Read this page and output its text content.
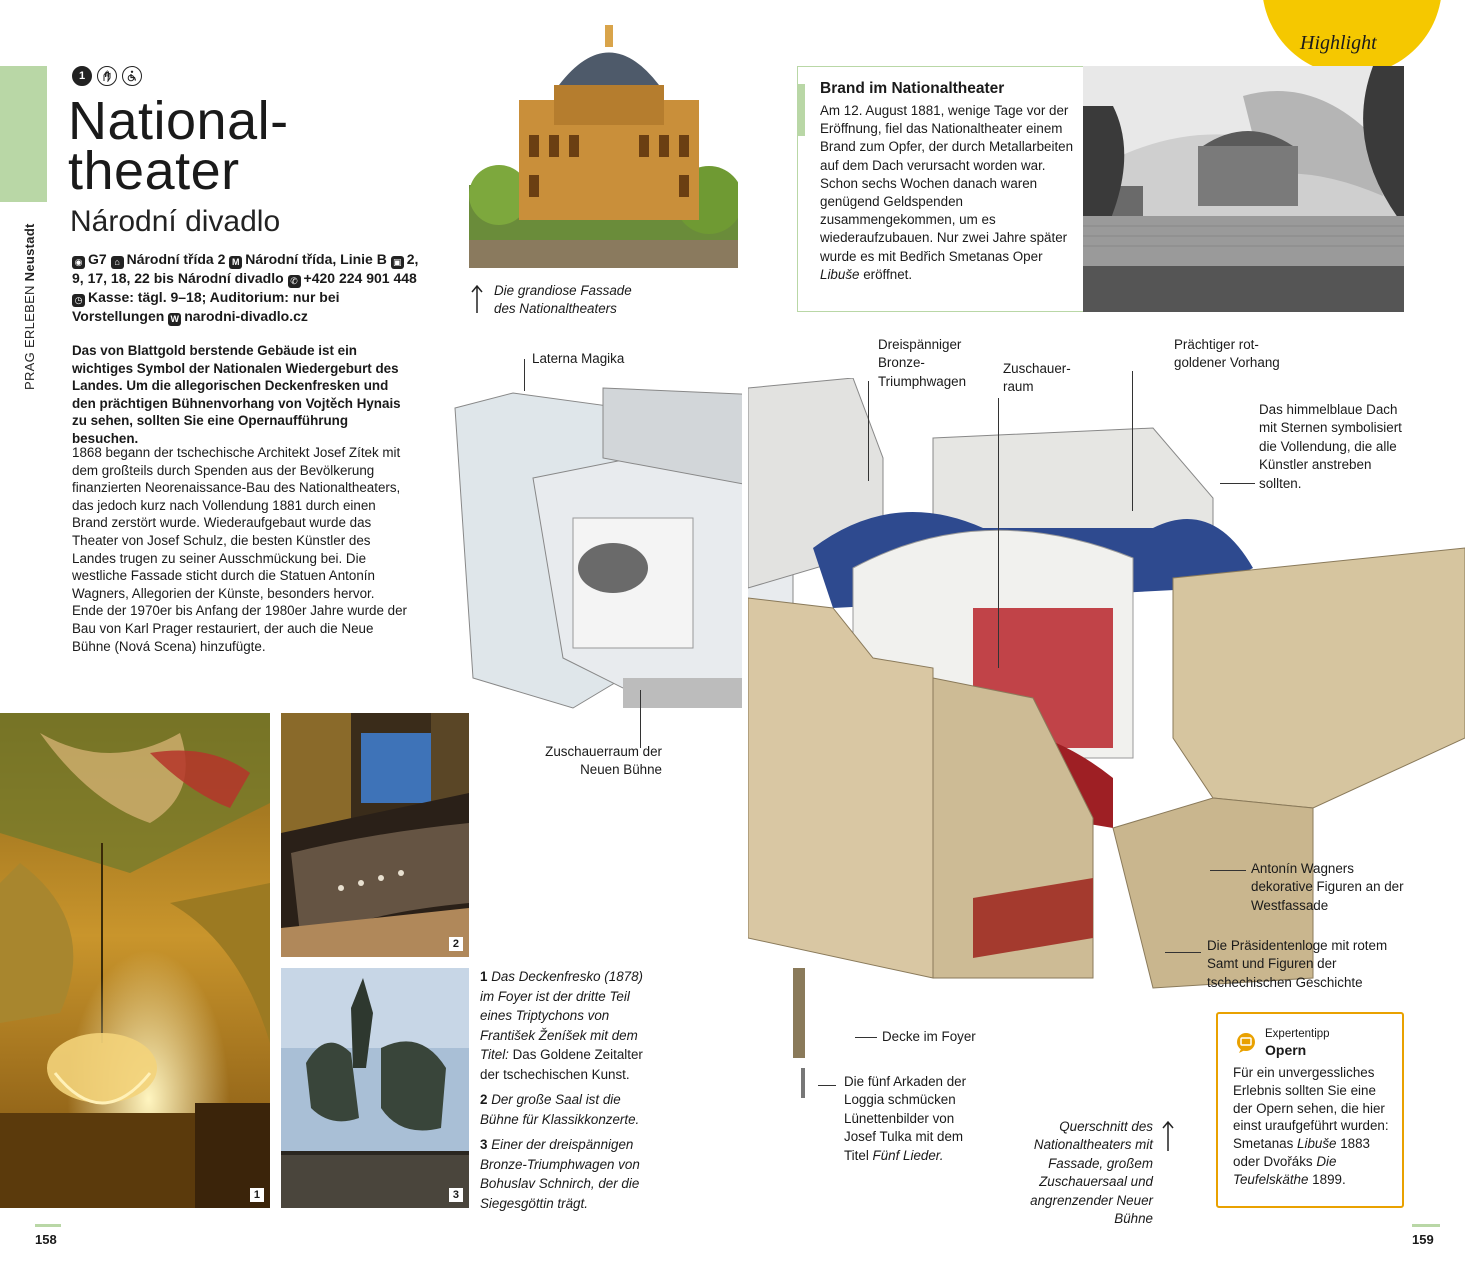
PRAG ERLEBEN Neustadt
1
National-
theater
Národní divadlo
◉ G7 ⌂ Národní třída 2 M Národní třída, Linie B ▣ 2, 9, 17, 18, 22 bis Národní divadlo ✆ +420 224 901 448 ◷ Kasse: tägl. 9–18; Auditorium: nur bei Vorstellungen W narodni-divadlo.cz
Das von Blattgold berstende Gebäude ist ein wichtiges Symbol der Nationalen Wiedergeburt des Landes. Um die allegorischen Deckenfresken und den prächtigen Bühnenvorhang von Vojtěch Hynais zu sehen, sollten Sie eine Opernaufführung besuchen.
1868 begann der tschechische Architekt Josef Zítek mit dem großteils durch Spenden aus der Bevölkerung finanzierten Neorenaissance-Bau des Nationaltheaters, das jedoch kurz nach Vollendung 1881 durch einen Brand zerstört wurde. Wiederaufgebaut wurde das Theater von Josef Schulz, die besten Künstler des Landes trugen zu seiner Ausschmückung bei. Die westliche Fassade sticht durch die Statuen Antonín Wagners, Allegorien der Künste, besonders hervor. Ende der 1970er bis Anfang der 1980er Jahre wurde der Bau von Karl Prager restauriert, der auch die Neue Bühne (Nová Scena) hinzufügte.
1
2
3
1 Das Deckenfresko (1878) im Foyer ist der dritte Teil eines Triptychons von František Ženíšek mit dem Titel: Das Goldene Zeitalter der tschechischen Kunst.
2 Der große Saal ist die Bühne für Klassikkonzerte.
3 Einer der dreispännigen Bronze-Triumphwagen von Bohuslav Schnirch, der die Siegesgöttin trägt.
Die grandiose Fassade des Nationaltheaters
158	159
Highlight
Brand im Nationaltheater
Am 12. August 1881, wenige Tage vor der Eröffnung, fiel das Nationaltheater einem Brand zum Opfer, der durch Metallarbeiten auf dem Dach verursacht worden war. Schon sechs Wochen danach waren genügend Geldspenden zusammengekommen, um es wiederaufzubauen. Nur zwei Jahre später wurde es mit Bedřich Smetanas Oper Libuše eröffnet.
Laterna Magika
Dreispänniger Bronze-Triumphwagen
Zuschauer-raum
Prächtiger rot-goldener Vorhang
Das himmelblaue Dach mit Sternen symbolisiert die Vollendung, die alle Künstler anstreben sollten.
Zuschauerraum der Neuen Bühne
Antonín Wagners dekorative Figuren an der Westfassade
Die Präsidentenloge mit rotem Samt und Figuren der tschechischen Geschichte
Decke im Foyer
Die fünf Arkaden der Loggia schmücken Lünettenbilder von Josef Tulka mit dem Titel Fünf Lieder.
Querschnitt des Nationaltheaters mit Fassade, großem Zuschauersaal und angrenzender Neuer Bühne
Expertentipp
Opern
Für ein unvergessliches Erlebnis sollten Sie eine der Opern sehen, die hier einst uraufgeführt wurden: Smetanas Libuše 1883 oder Dvořáks Die Teufelskäthe 1899.
